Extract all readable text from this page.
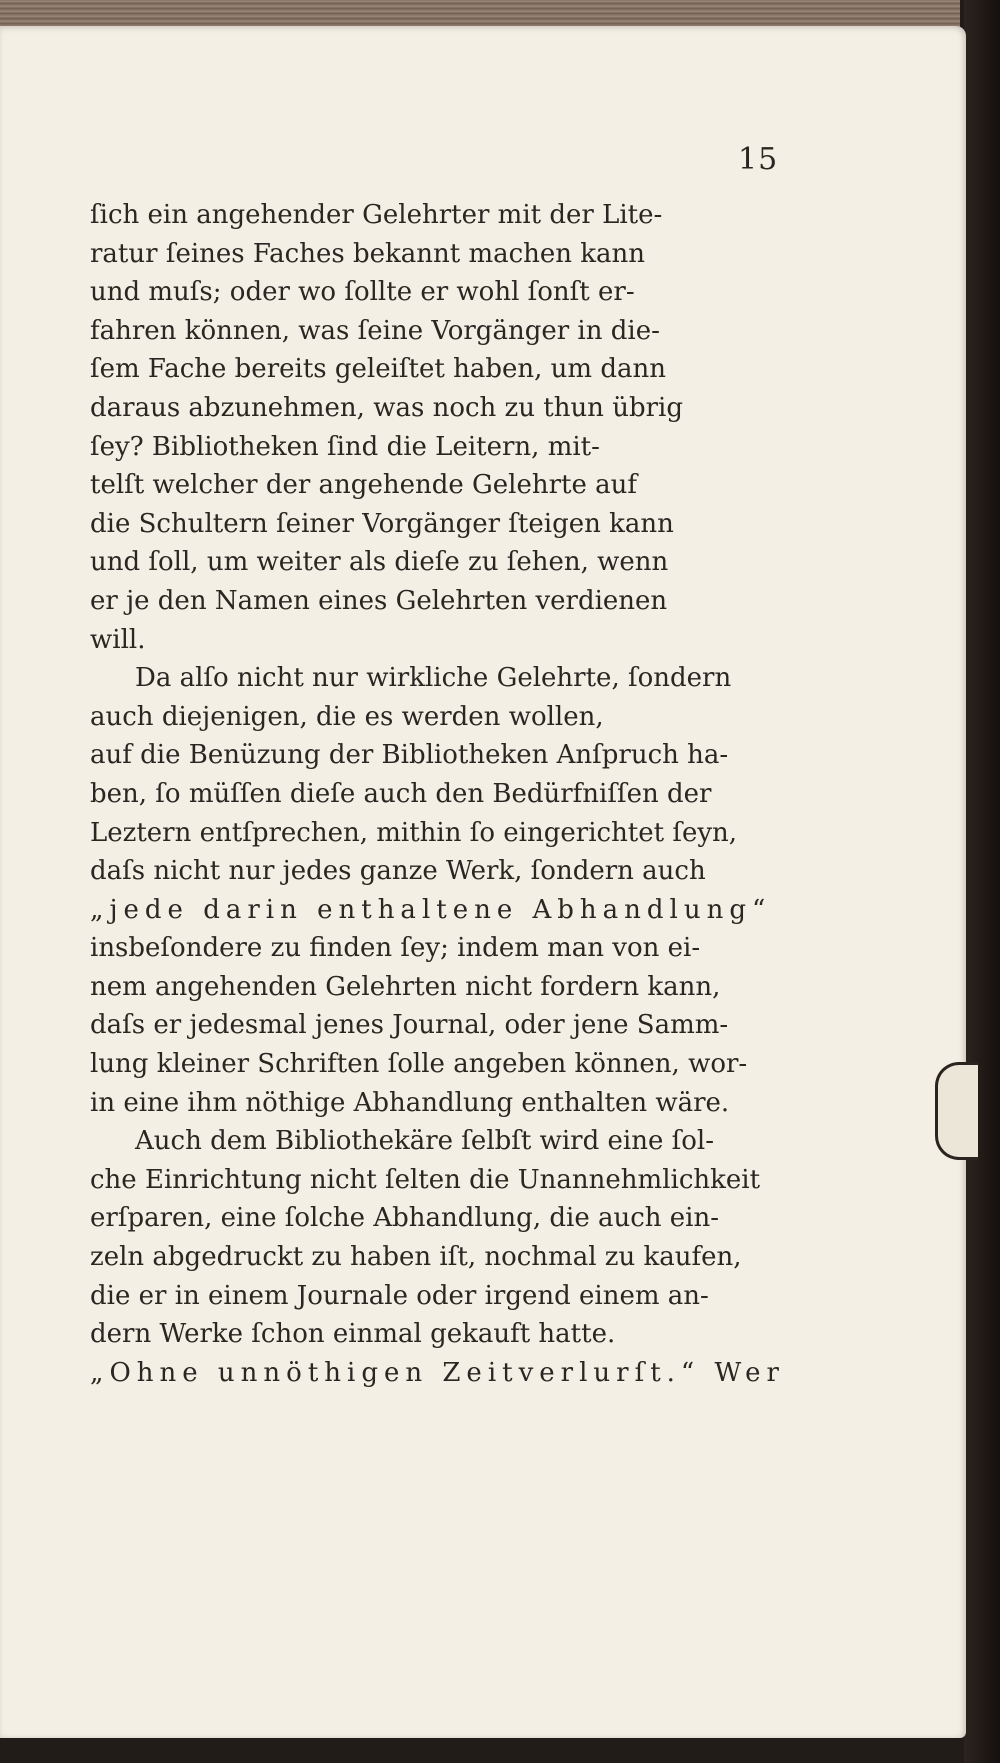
15
ſich ein angehender Gelehrter mit der Lite-
ratur ſeines Faches bekannt machen kann
und muſs; oder wo ſollte er wohl ſonſt er-
fahren können, was ſeine Vorgänger in die-
ſem Fache bereits geleiſtet haben, um dann
daraus abzunehmen, was noch zu thun übrig
ſey? Bibliotheken ſind die Leitern, mit-
telſt welcher der angehende Gelehrte auf
die Schultern ſeiner Vorgänger ſteigen kann
und ſoll, um weiter als dieſe zu ſehen, wenn
er je den Namen eines Gelehrten verdienen
will.
Da alſo nicht nur wirkliche Gelehrte, ſondern
auch diejenigen, die es werden wollen,
auf die Benüzung der Bibliotheken Anſpruch ha-
ben, ſo müſſen dieſe auch den Bedürfniſſen der
Leztern entſprechen, mithin ſo eingerichtet ſeyn,
daſs nicht nur jedes ganze Werk, ſondern auch
„jede darin enthaltene Abhandlung“
insbeſondere zu finden ſey; indem man von ei-
nem angehenden Gelehrten nicht fordern kann,
daſs er jedesmal jenes Journal, oder jene Samm-
lung kleiner Schriften ſolle angeben können, wor-
in eine ihm nöthige Abhandlung enthalten wäre.
Auch dem Bibliothekäre ſelbſt wird eine ſol-
che Einrichtung nicht ſelten die Unannehmlichkeit
erſparen, eine ſolche Abhandlung, die auch ein-
zeln abgedruckt zu haben iſt, nochmal zu kaufen,
die er in einem Journale oder irgend einem an-
dern Werke ſchon einmal gekauft hatte.
„Ohne unnöthigen Zeitverlurſt.“ Wer
